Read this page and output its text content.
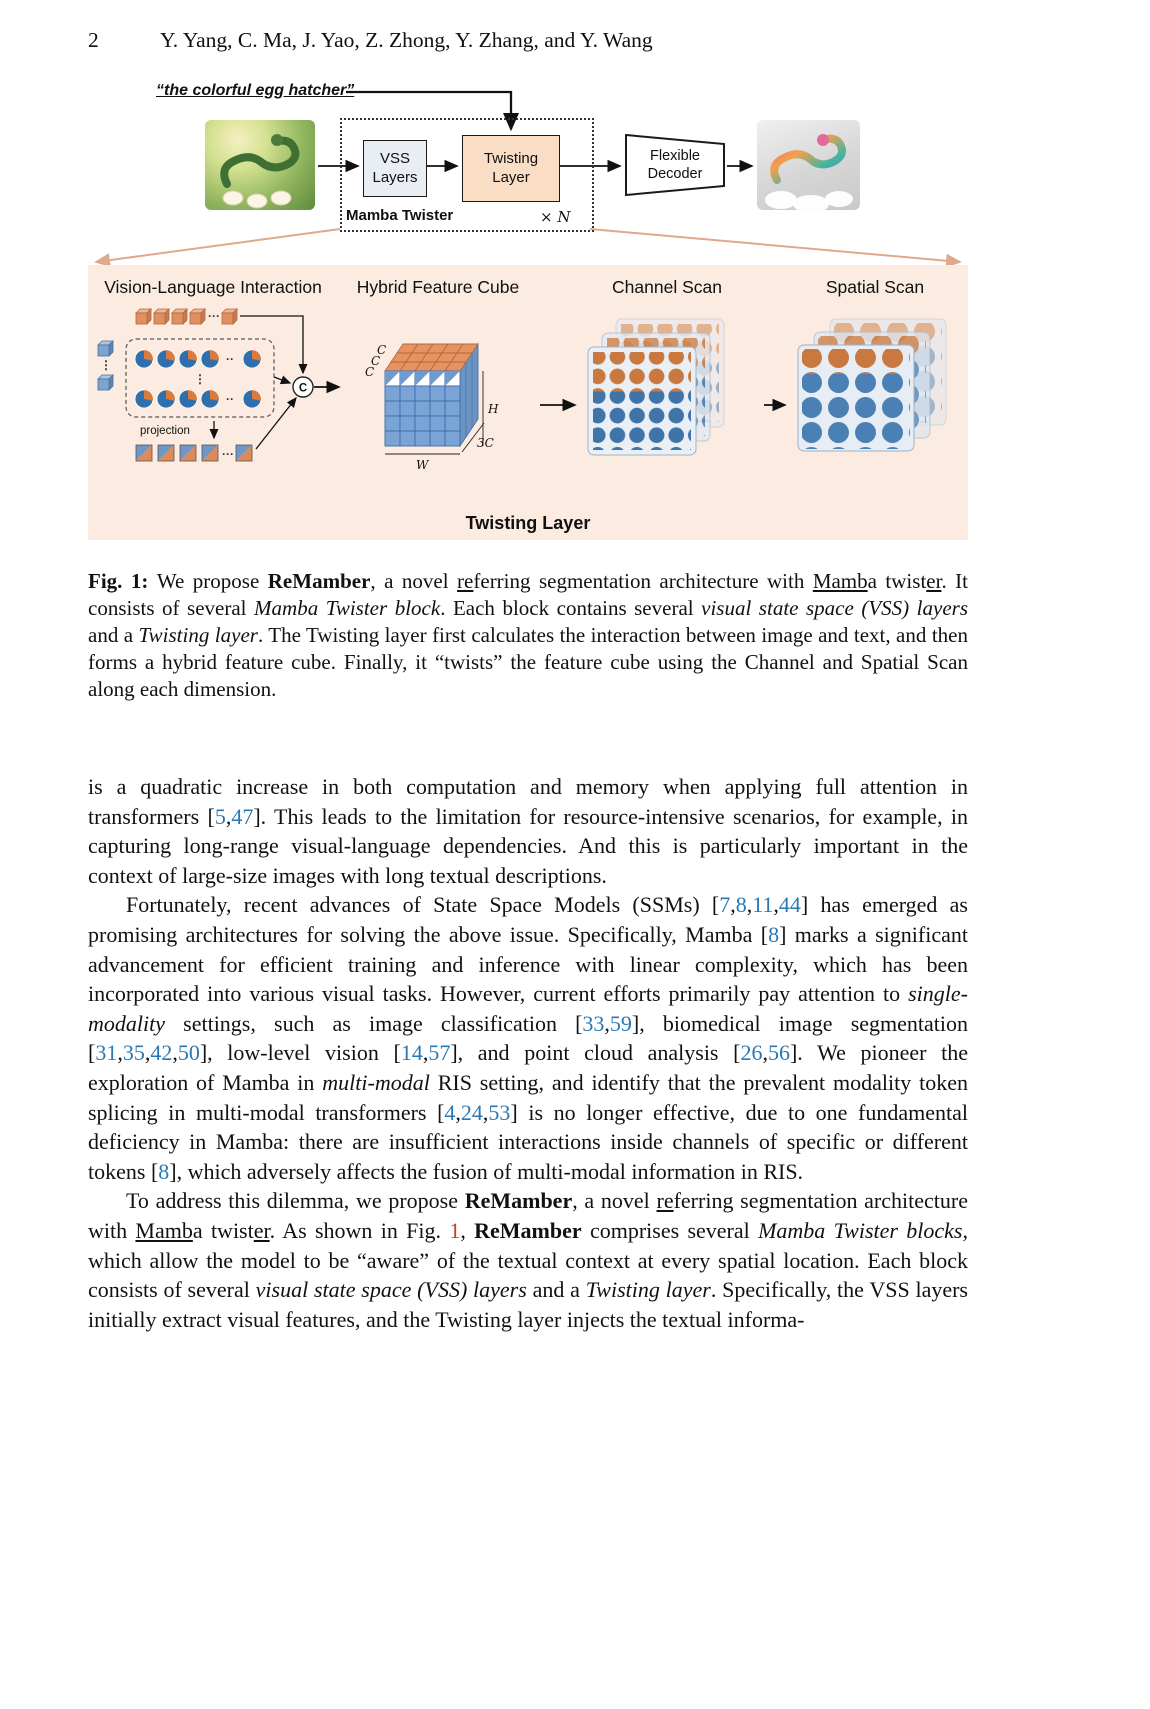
2	Y. Yang, C. Ma, J. Yao, Z. Zhong, Y. Zhang, and Y. Wang
“the colorful egg hatcher”
VSS
Layers
Mamba Twister	× N
Twisting
Layer
Flexible
Decoder
Vision-Language Interaction Hybrid Feature Cube	Channel Scan	Spatial Scan
···
⋮	··
⋮
··
projection
···
C
C
C
C
H
W
3C
Twisting Layer
Fig. 1: We propose ReMamber, a novel referring segmentation architecture with Mamba twister. It consists of several Mamba Twister block. Each block contains several visual state space (VSS) layers and a Twisting layer. The Twisting layer first calculates the interaction between image and text, and then forms a hybrid feature cube. Finally, it “twists” the feature cube using the Channel and Spatial Scan along each dimension.

is a quadratic increase in both computation and memory when applying full attention in transformers [5,47]. This leads to the limitation for resource-intensive scenarios, for example, in capturing long-range visual-language dependencies. And this is particularly important in the context of large-size images with long textual descriptions.

Fortunately, recent advances of State Space Models (SSMs) [7,8,11,44] has emerged as promising architectures for solving the above issue. Specifically, Mamba [8] marks a significant advancement for efficient training and inference with linear complexity, which has been incorporated into various visual tasks. However, current efforts primarily pay attention to single-modality settings, such as image classification [33,59], biomedical image segmentation [31,35,42,50], low-level vision [14,57], and point cloud analysis [26,56]. We pioneer the exploration of Mamba in multi-modal RIS setting, and identify that the prevalent modality token splicing in multi-modal transformers [4,24,53] is no longer effective, due to one fundamental deficiency in Mamba: there are insufficient interactions inside channels of specific or different tokens [8], which adversely affects the fusion of multi-modal information in RIS.

To address this dilemma, we propose ReMamber, a novel referring segmentation architecture with Mamba twister. As shown in Fig. 1, ReMamber comprises several Mamba Twister blocks, which allow the model to be “aware” of the textual context at every spatial location. Each block consists of several visual state space (VSS) layers and a Twisting layer. Specifically, the VSS layers initially extract visual features, and the Twisting layer injects the textual informa-
